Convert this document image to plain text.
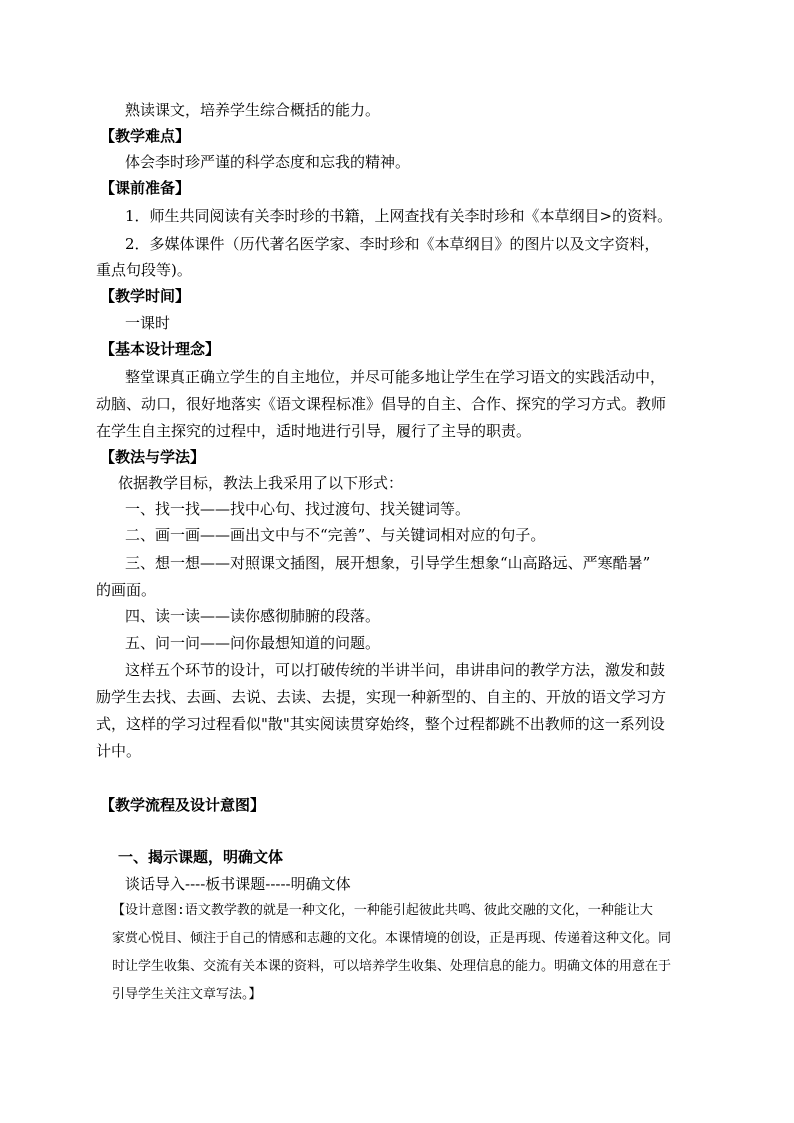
熟读课文，培养学生综合概括的能力。
【教学难点】
体会李时珍严谨的科学态度和忘我的精神。
【课前准备】
1．师生共同阅读有关李时珍的书籍，上网查找有关李时珍和《本草纲目>的资料。
2．多媒体课件（历代著名医学家、李时珍和《本草纲目》的图片以及文字资料，
重点句段等)。
【教学时间】
一课时
【基本设计理念】
整堂课真正确立学生的自主地位，并尽可能多地让学生在学习语文的实践活动中，
动脑、动口，很好地落实《语文课程标准》倡导的自主、合作、探究的学习方式。教师
在学生自主探究的过程中，适时地进行引导，履行了主导的职责。
【教法与学法】
依据教学目标，教法上我采用了以下形式：
一、找一找——找中心句、找过渡句、找关键词等。
二、画一画——画出文中与不“完善”、与关键词相对应的句子。
三、想一想——对照课文插图，展开想象，引导学生想象“山高路远、严寒酷暑”
的画面。
四、读一读——读你感彻肺腑的段落。
五、问一问——问你最想知道的问题。
这样五个环节的设计，可以打破传统的半讲半问，串讲串问的教学方法，激发和鼓
励学生去找、去画、去说、去读、去提，实现一种新型的、自主的、开放的语文学习方
式，这样的学习过程看似"散"其实阅读贯穿始终，整个过程都跳不出教师的这一系列设
计中。
【教学流程及设计意图】
一、揭示课题，明确文体
谈话导入----板书课题-----明确文体
【设计意图:语文教学教的就是一种文化，一种能引起彼此共鸣、彼此交融的文化，一种能让大
家赏心悦目、倾注于自己的情感和志趣的文化。本课情境的创设，正是再现、传递着这种文化。同
时让学生收集、交流有关本课的资料，可以培养学生收集、处理信息的能力。明确文体的用意在于
引导学生关注文章写法。】
